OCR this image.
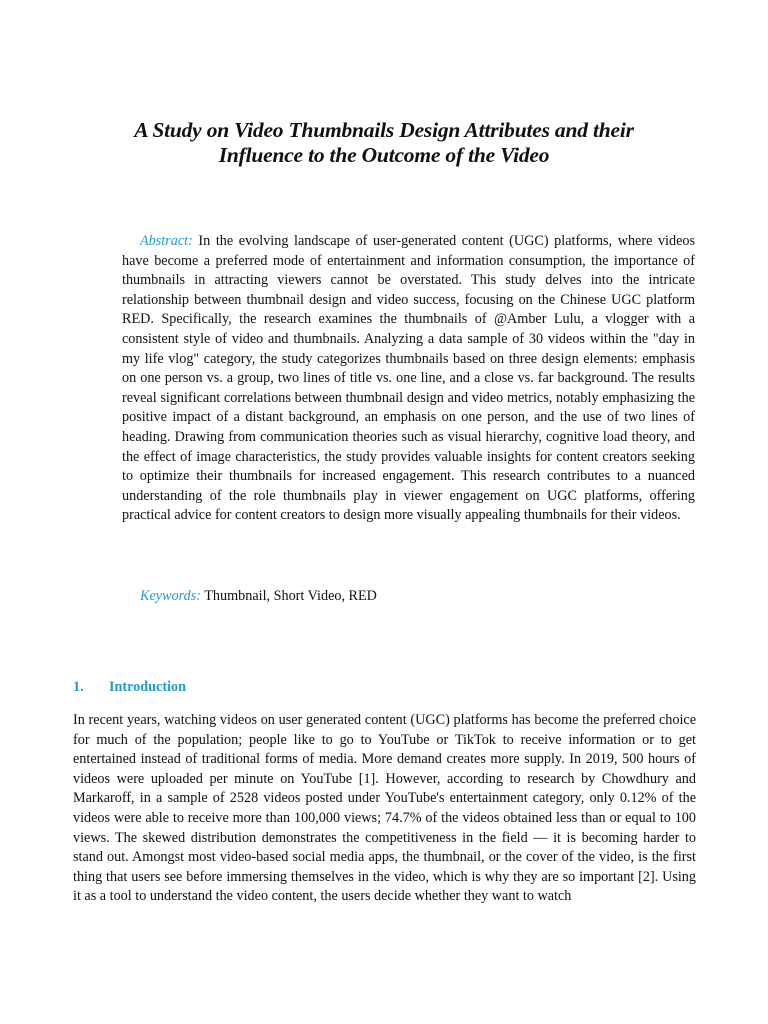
A Study on Video Thumbnails Design Attributes and their
Influence to the Outcome of the Video

Abstract: In the evolving landscape of user-generated content (UGC) platforms, where videos have become a preferred mode of entertainment and information consumption, the importance of thumbnails in attracting viewers cannot be overstated. This study delves into the intricate relationship between thumbnail design and video success, focusing on the Chinese UGC platform RED. Specifically, the research examines the thumbnails of @Amber Lulu, a vlogger with a consistent style of video and thumbnails. Analyzing a data sample of 30 videos within the "day in my life vlog" category, the study categorizes thumbnails based on three design elements: emphasis on one person vs. a group, two lines of title vs. one line, and a close vs. far background. The results reveal significant correlations between thumbnail design and video metrics, notably emphasizing the positive impact of a distant background, an emphasis on one person, and the use of two lines of heading. Drawing from communication theories such as visual hierarchy, cognitive load theory, and the effect of image characteristics, the study provides valuable insights for content creators seeking to optimize their thumbnails for increased engagement. This research contributes to a nuanced understanding of the role thumbnails play in viewer engagement on UGC platforms, offering practical advice for content creators to design more visually appealing thumbnails for their videos.

Keywords: Thumbnail, Short Video, RED

1. Introduction

In recent years, watching videos on user generated content (UGC) platforms has become the preferred choice for much of the population; people like to go to YouTube or TikTok to receive information or to get entertained instead of traditional forms of media. More demand creates more supply. In 2019, 500 hours of videos were uploaded per minute on YouTube [1]. However, according to research by Chowdhury and Markaroff, in a sample of 2528 videos posted under YouTube's entertainment category, only 0.12% of the videos were able to receive more than 100,000 views; 74.7% of the videos obtained less than or equal to 100 views. The skewed distribution demonstrates the competitiveness in the field — it is becoming harder to stand out. Amongst most video-based social media apps, the thumbnail, or the cover of the video, is the first thing that users see before immersing themselves in the video, which is why they are so important [2]. Using it as a tool to understand the video content, the users decide whether they want to watch
